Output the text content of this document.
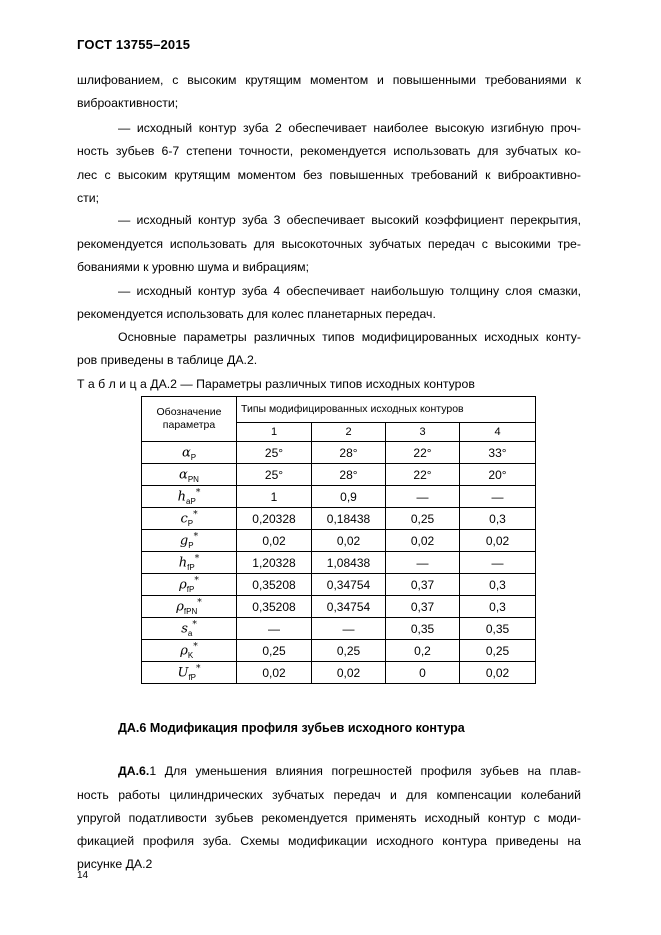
ГОСТ 13755–2015
шлифованием, с высоким крутящим моментом и повышенными требованиями к
виброактивности;
— исходный контур зуба 2 обеспечивает наиболее высокую изгибную проч-
ность зубьев 6-7 степени точности, рекомендуется использовать для зубчатых ко-
лес с высоким крутящим моментом без повышенных требований к виброактивно-
сти;
— исходный контур зуба 3 обеспечивает высокий коэффициент перекрытия,
рекомендуется использовать для высокоточных зубчатых передач с высокими тре-
бованиями к уровню шума и вибрациям;
— исходный контур зуба 4 обеспечивает наибольшую толщину слоя смазки,
рекомендуется использовать для колес планетарных передач.
Основные параметры различных типов модифицированных исходных конту-
ров приведены в таблице ДА.2.
Т а б л и ц а ДА.2 — Параметры различных типов исходных контуров
Обозначение параметра	Типы модифицированных исходных контуров			
	1	2	3	4
$\alpha_P$	25°	28°	22°	33°
$\alpha_{PN}$	25°	28°	22°	20°
$h_{aP}^*$	1	0,9	—	—
$c_P^*$	0,20328	0,18438	0,25	0,3
$g_P^*$	0,02	0,02	0,02	0,02
$h_{fP}^*$	1,20328	1,08438	—	—
$\rho_{fP}^*$	0,35208	0,34754	0,37	0,3
$\rho_{fPN}^*$	0,35208	0,34754	0,37	0,3
$s_a^*$	—	—	0,35	0,35
$\rho_K^*$	0,25	0,25	0,2	0,25
$U_{fP}^*$	0,02	0,02	0	0,02
ДА.6 Модификация профиля зубьев исходного контура
ДА.6.1 Для уменьшения влияния погрешностей профиля зубьев на плав-
ность работы цилиндрических зубчатых передач и для компенсации колебаний
упругой податливости зубьев рекомендуется применять исходный контур с моди-
фикацией профиля зуба. Схемы модификации исходного контура приведены на
рисунке ДА.2
14
